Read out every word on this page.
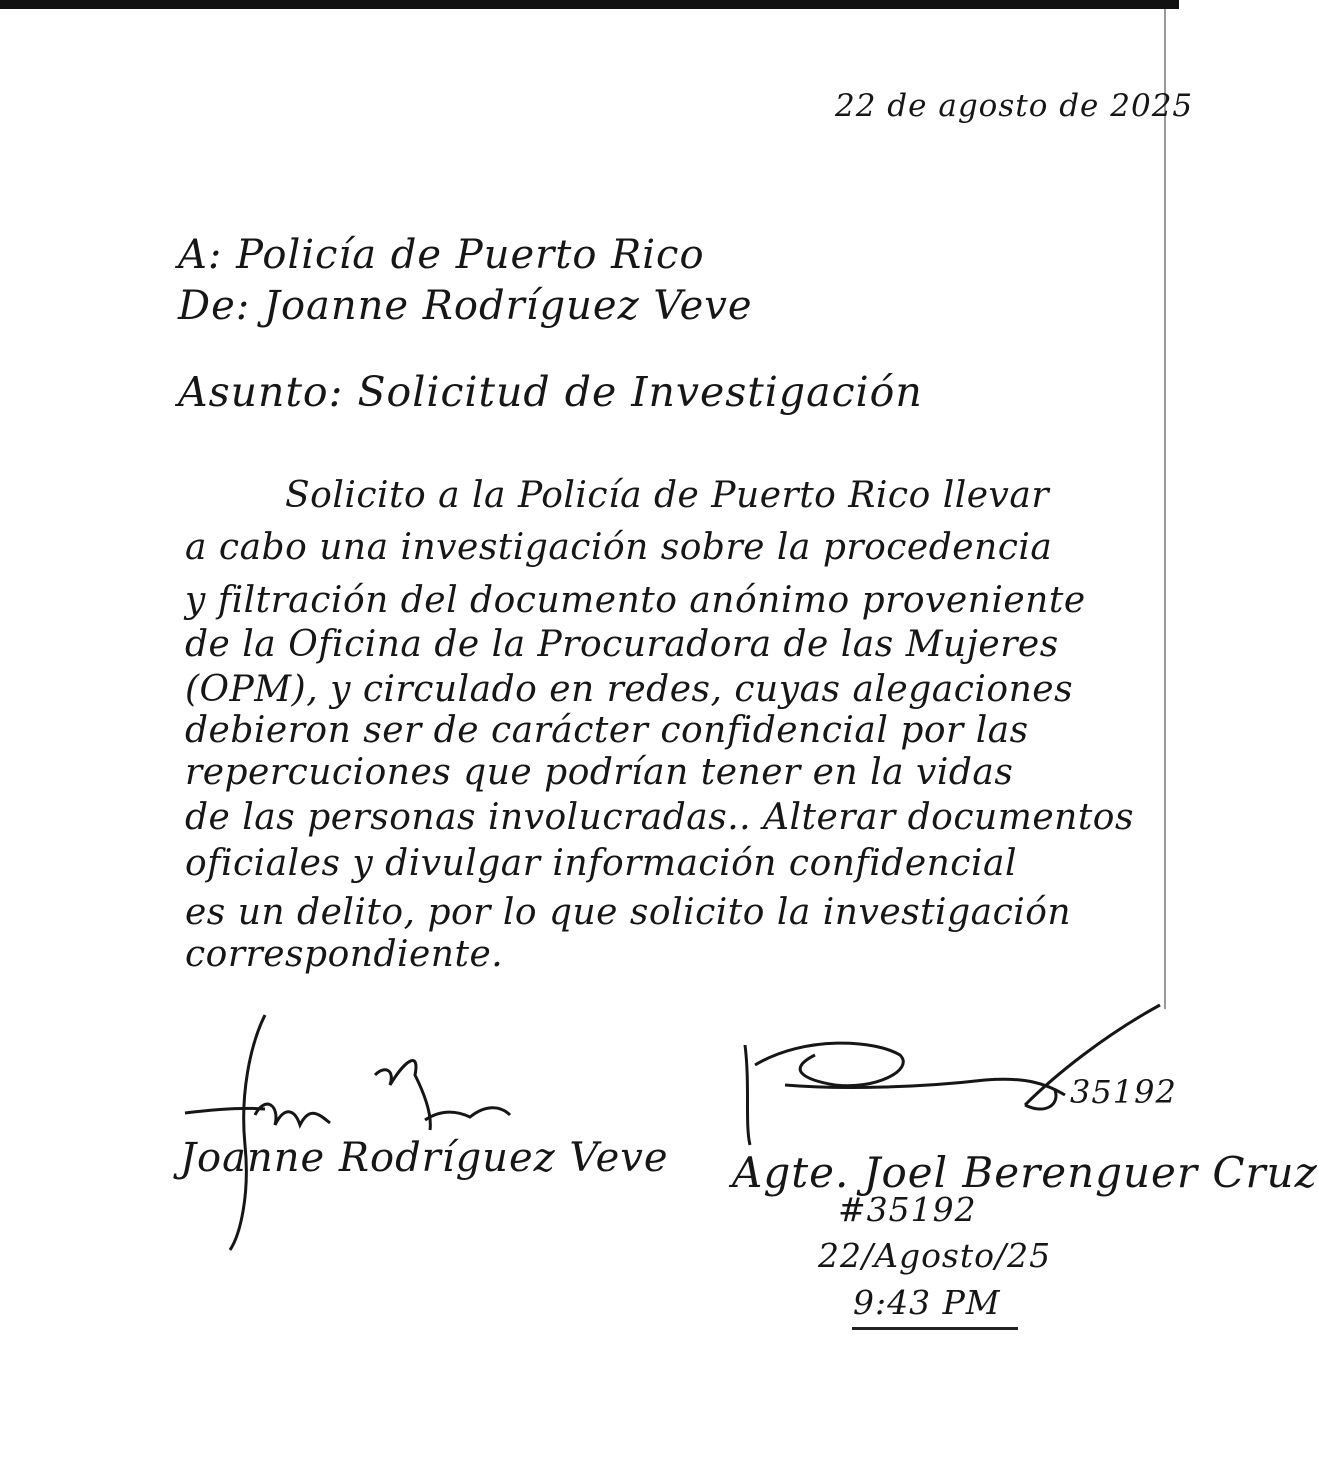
22 de agosto de 2025
A: Policía de Puerto Rico
De: Joanne Rodríguez Veve
Asunto: Solicitud de Investigación
Solicito a la Policía de Puerto Rico llevar
a cabo una investigación sobre la procedencia
y filtración del documento anónimo proveniente
de la Oficina de la Procuradora de las Mujeres
(OPM), y circulado en redes, cuyas alegaciones
debieron ser de carácter confidencial por las
repercuciones que podrían tener en la vidas
de las personas involucradas.. Alterar documentos
oficiales y divulgar información confidencial
es un delito, por lo que solicito la investigación
correspondiente.
Joanne Rodríguez Veve
35192
Agte. Joel Berenguer Cruz
#35192
22/Agosto/25
9:43 PM
